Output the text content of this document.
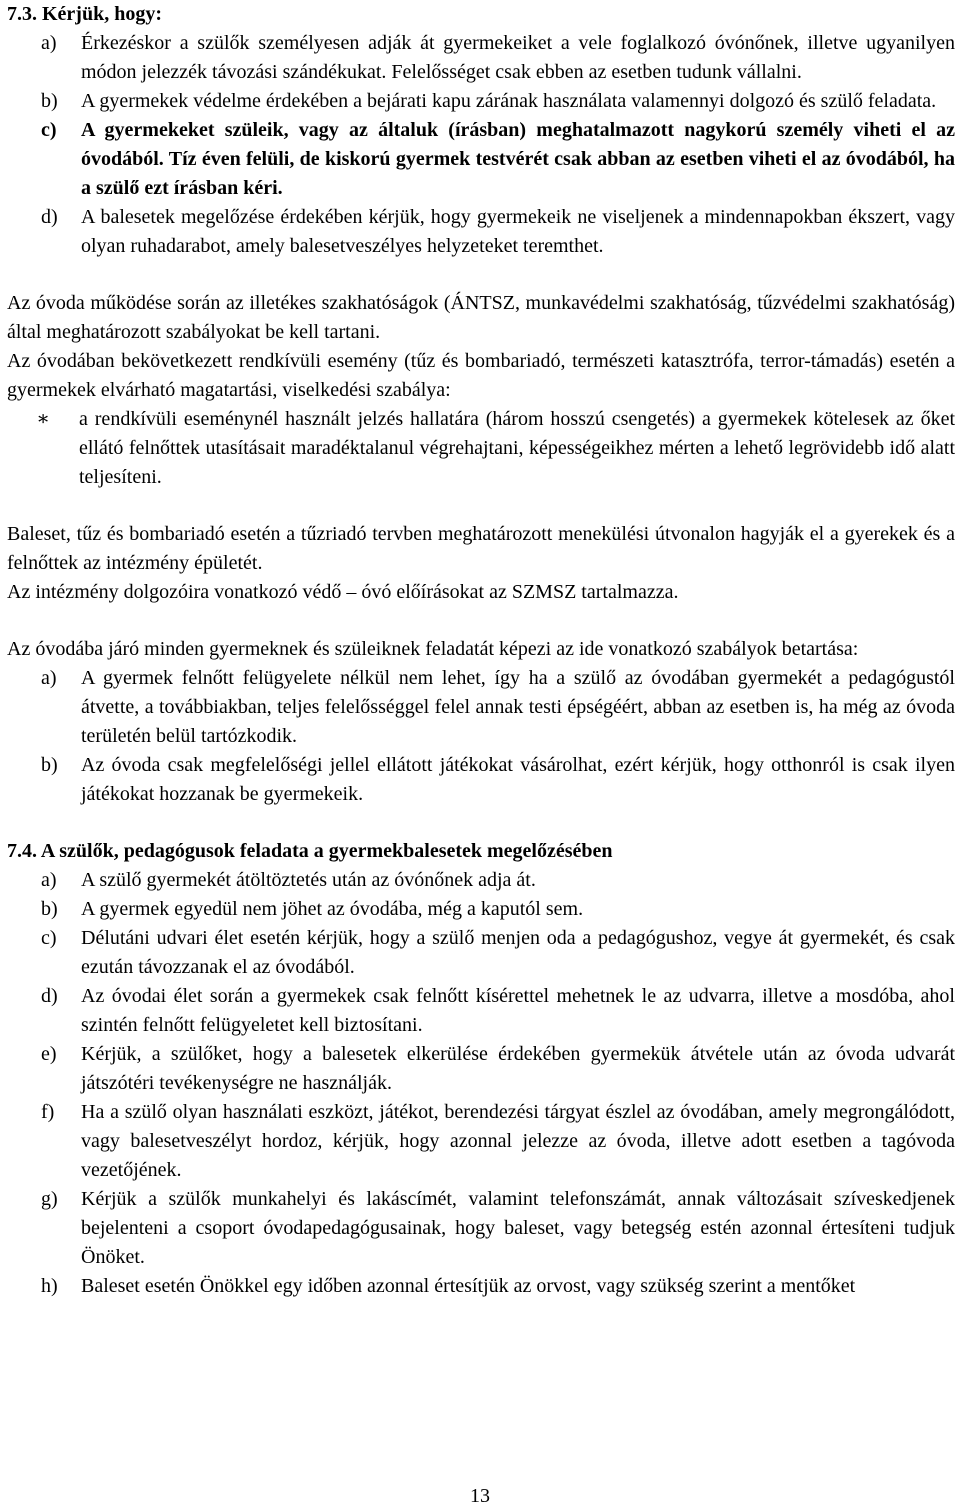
7.3. Kérjük, hogy:

a)	Érkezéskor a szülők személyesen adják át gyermekeiket a vele foglalkozó óvónőnek, illetve ugyanilyen módon jelezzék távozási szándékukat. Felelősséget csak ebben az esetben tudunk vállalni.
b)	A gyermekek védelme érdekében a bejárati kapu zárának használata valamennyi dolgozó és szülő feladata.
c)	A gyermekeket szüleik, vagy az általuk (írásban) meghatalmazott nagykorú személy viheti el az óvodából. Tíz éven felüli, de kiskorú gyermek testvérét csak abban az esetben viheti el az óvodából, ha a szülő ezt írásban kéri.
d)	A balesetek megelőzése érdekében kérjük, hogy gyermekeik ne viseljenek a mindennapokban ékszert, vagy olyan ruhadarabot, amely balesetveszélyes helyzeteket teremthet.

Az óvoda működése során az illetékes szakhatóságok (ÁNTSZ, munkavédelmi szakhatóság, tűzvédelmi szakhatóság) által meghatározott szabályokat be kell tartani.

Az óvodában bekövetkezett rendkívüli esemény (tűz és bombariadó, természeti katasztrófa, terror-támadás) esetén a gyermekek elvárható magatartási, viselkedési szabálya:

∗	a rendkívüli eseménynél használt jelzés hallatára (három hosszú csengetés) a gyermekek kötelesek az őket ellátó felnőttek utasításait maradéktalanul végrehajtani, képességeikhez mérten a lehető legrövidebb idő alatt teljesíteni.

Baleset, tűz és bombariadó esetén a tűzriadó tervben meghatározott menekülési útvonalon hagyják el a gyerekek és a felnőttek az intézmény épületét.

Az intézmény dolgozóira vonatkozó védő – óvó előírásokat az SZMSZ tartalmazza.

Az óvodába járó minden gyermeknek és szüleiknek feladatát képezi az ide vonatkozó szabályok betartása:

a)	A gyermek felnőtt felügyelete nélkül nem lehet, így ha a szülő az óvodában gyermekét a pedagógustól átvette, a továbbiakban, teljes felelősséggel felel annak testi épségéért, abban az esetben is, ha még az óvoda területén belül tartózkodik.
b)	Az óvoda csak megfelelőségi jellel ellátott játékokat vásárolhat, ezért kérjük, hogy otthonról is csak ilyen játékokat hozzanak be gyermekeik.

7.4. A szülők, pedagógusok feladata a gyermekbalesetek megelőzésében

a)	A szülő gyermekét átöltöztetés után az óvónőnek adja át.
b)	A gyermek egyedül nem jöhet az óvodába, még a kaputól sem.
c)	Délutáni udvari élet esetén kérjük, hogy a szülő menjen oda a pedagógushoz, vegye át gyermekét, és csak ezután távozzanak el az óvodából.
d)	Az óvodai élet során a gyermekek csak felnőtt kísérettel mehetnek le az udvarra, illetve a mosdóba, ahol szintén felnőtt felügyeletet kell biztosítani.
e)	Kérjük, a szülőket, hogy a balesetek elkerülése érdekében gyermekük átvétele után az óvoda udvarát játszótéri tevékenységre ne használják.
f)	Ha a szülő olyan használati eszközt, játékot, berendezési tárgyat észlel az óvodában, amely megrongálódott, vagy balesetveszélyt hordoz, kérjük, hogy azonnal jelezze az óvoda, illetve adott esetben a tagóvoda vezetőjének.
g)	Kérjük a szülők munkahelyi és lakáscímét, valamint telefonszámát, annak változásait szíveskedjenek bejelenteni a csoport óvodapedagógusainak, hogy baleset, vagy betegség estén azonnal értesíteni tudjuk Önöket.
h)	Baleset esetén Önökkel egy időben azonnal értesítjük az orvost, vagy szükség szerint a mentőket
13
